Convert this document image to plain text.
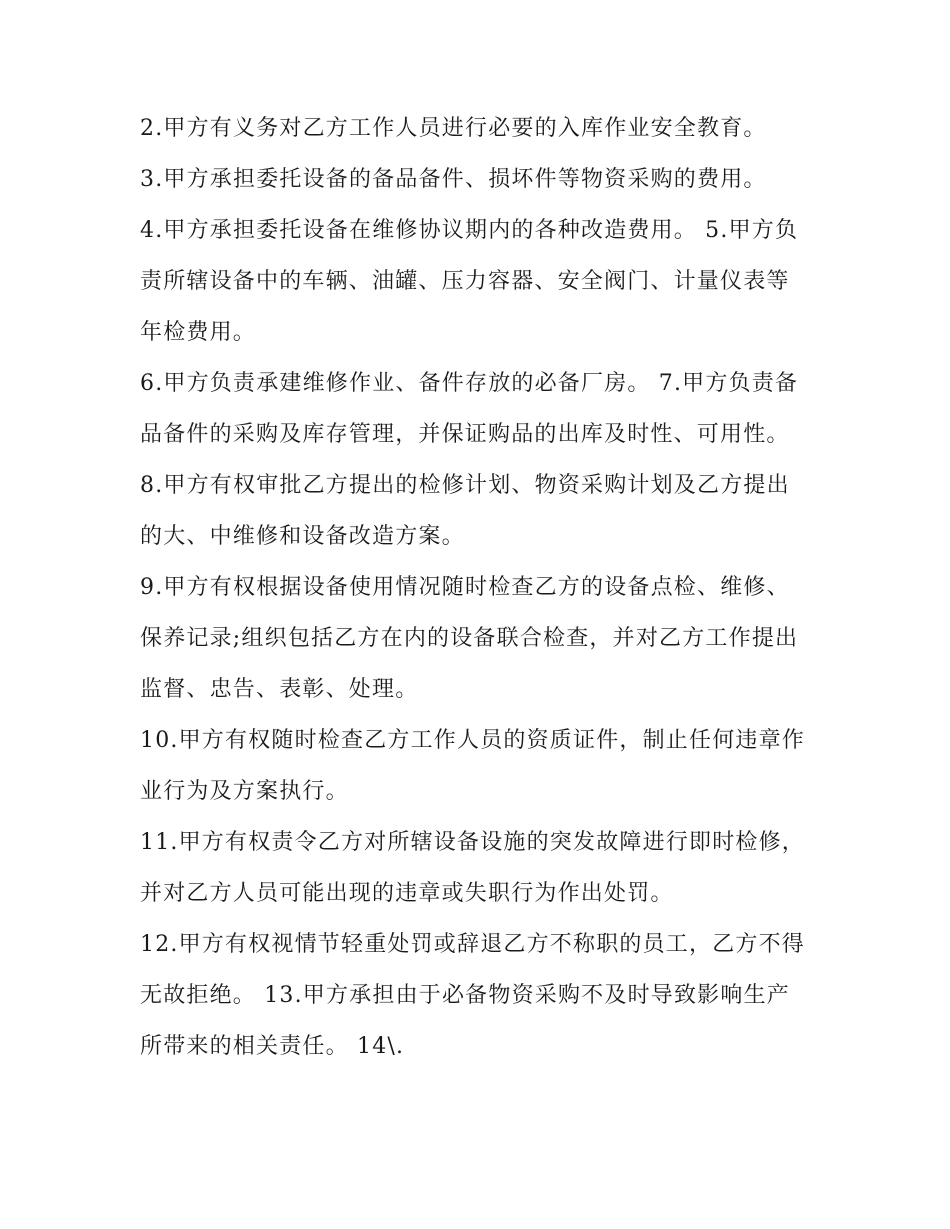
2.甲方有义务对乙方工作人员进行必要的入库作业安全教育。

3.甲方承担委托设备的备品备件、损坏件等物资采购的费用。

4.甲方承担委托设备在维修协议期内的各种改造费用。 5.甲方负责所辖设备中的车辆、油罐、压力容器、安全阀门、计量仪表等年检费用。

6.甲方负责承建维修作业、备件存放的必备厂房。 7.甲方负责备品备件的采购及库存管理，并保证购品的出库及时性、可用性。

8.甲方有权审批乙方提出的检修计划、物资采购计划及乙方提出的大、中维修和设备改造方案。

9.甲方有权根据设备使用情况随时检查乙方的设备点检、维修、保养记录;组织包括乙方在内的设备联合检查，并对乙方工作提出监督、忠告、表彰、处理。

10.甲方有权随时检查乙方工作人员的资质证件，制止任何违章作业行为及方案执行。

11.甲方有权责令乙方对所辖设备设施的突发故障进行即时检修，并对乙方人员可能出现的违章或失职行为作出处罚。

12.甲方有权视情节轻重处罚或辞退乙方不称职的员工，乙方不得无故拒绝。 13.甲方承担由于必备物资采购不及时导致影响生产所带来的相关责任。 14\.
